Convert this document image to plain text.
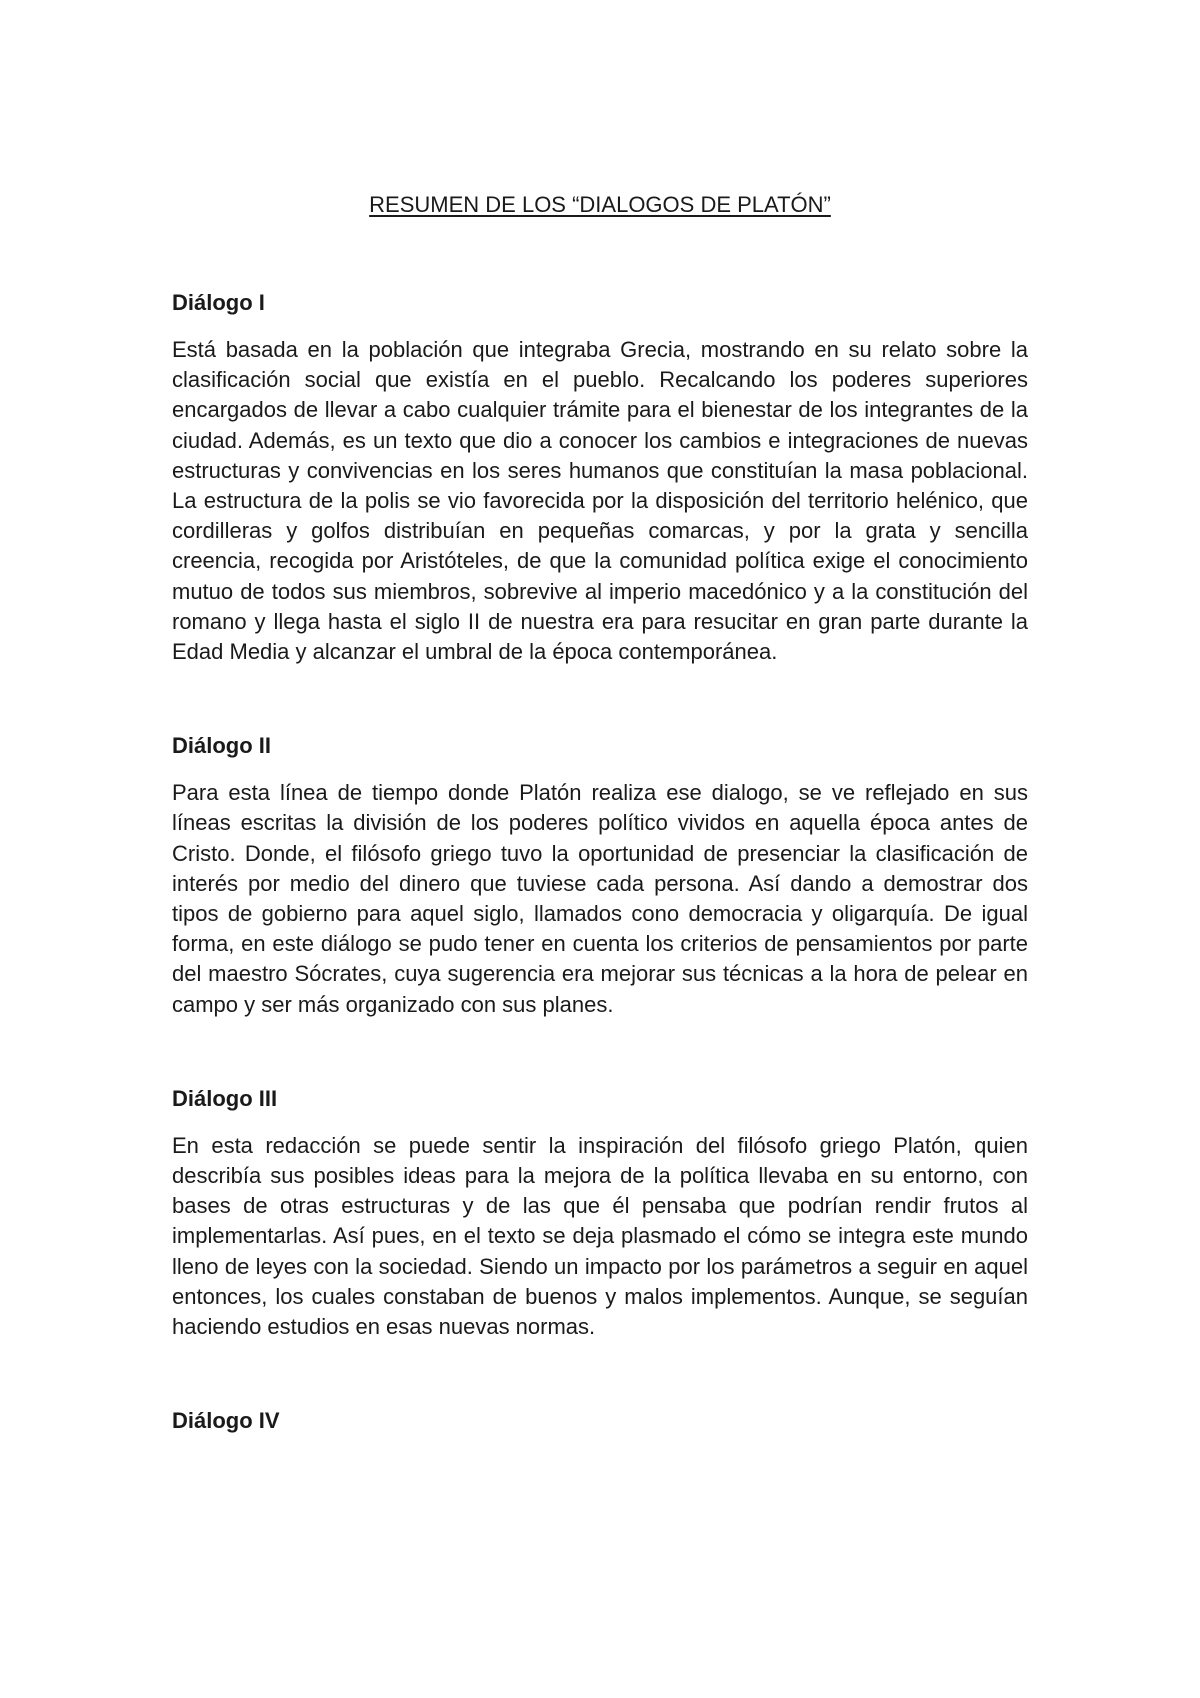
RESUMEN DE LOS “DIALOGOS DE PLATÓN”
Diálogo I

Está basada en la población que integraba Grecia, mostrando en su relato sobre la clasificación social que existía en el pueblo. Recalcando los poderes superiores encargados de llevar a cabo cualquier trámite para el bienestar de los integrantes de la ciudad. Además, es un texto que dio a conocer los cambios e integraciones de nuevas estructuras y convivencias en los seres humanos que constituían la masa poblacional. La estructura de la polis se vio favorecida por la disposición del territorio helénico, que cordilleras y golfos distribuían en pequeñas comarcas, y por la grata y sencilla creencia, recogida por Aristóteles, de que la comunidad política exige el conocimiento mutuo de todos sus miembros, sobrevive al imperio macedónico y a la constitución del romano y llega hasta el siglo II de nuestra era para resucitar en gran parte durante la Edad Media y alcanzar el umbral de la época contemporánea.

Diálogo II

Para esta línea de tiempo donde Platón realiza ese dialogo, se ve reflejado en sus líneas escritas la división de los poderes político vividos en aquella época antes de Cristo. Donde, el filósofo griego tuvo la oportunidad de presenciar la clasificación de interés por medio del dinero que tuviese cada persona. Así dando a demostrar dos tipos de gobierno para aquel siglo, llamados cono democracia y oligarquía. De igual forma, en este diálogo se pudo tener en cuenta los criterios de pensamientos por parte del maestro Sócrates, cuya sugerencia era mejorar sus técnicas a la hora de pelear en campo y ser más organizado con sus planes.

Diálogo III

En esta redacción se puede sentir la inspiración del filósofo griego Platón, quien describía sus posibles ideas para la mejora de la política llevaba en su entorno, con bases de otras estructuras y de las que él pensaba que podrían rendir frutos al implementarlas. Así pues, en el texto se deja plasmado el cómo se integra este mundo lleno de leyes con la sociedad. Siendo un impacto por los parámetros a seguir en aquel entonces, los cuales constaban de buenos y malos implementos. Aunque, se seguían haciendo estudios en esas nuevas normas.

Diálogo IV
